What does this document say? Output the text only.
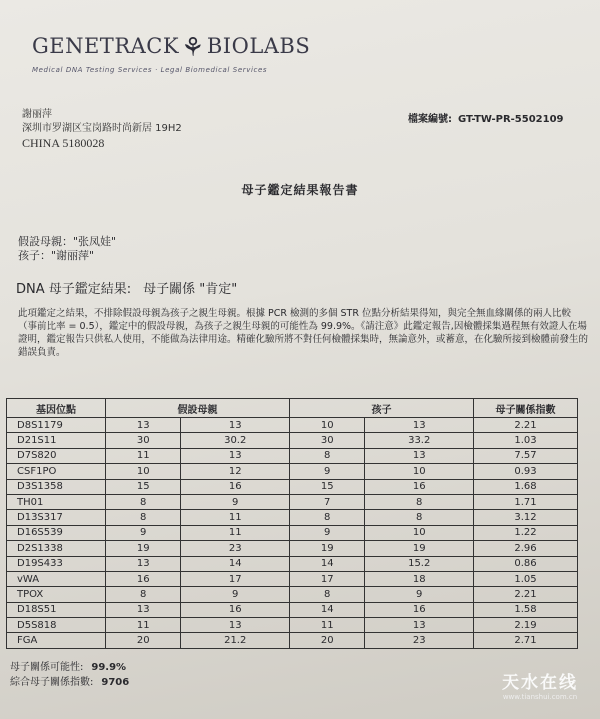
GENETRACK⚘BIOLABS
Medical DNA Testing Services · Legal Biomedical Services
謝丽萍
深圳市罗湖区宝岗路时尚新居 19H2
CHINA 5180028
檔案編號: GT-TW-PR-5502109
母子鑑定結果報告書
假設母親："张凤娃"
孩子："谢丽萍"
DNA 母子鑑定結果: 母子關係 "肯定"
此項鑑定之結果，不排除假設母親為孩子之親生母親。根據 PCR 檢測的多個 STR 位點分析結果得知，與完全無血緣關係的兩人比較（事前比率 = 0.5），鑑定中的假設母親，為孩子之親生母親的可能性為 99.9%。《請注意》此鑑定報告,因檢體採集過程無有效證人在場證明，鑑定報告只供私人使用，不能做為法律用途。精確化驗所將不對任何檢體採集時，無論意外，或蓄意，在化驗所接到檢體前發生的錯誤負責。
基因位點	假設母親		孩子		母子關係指數
D8S1179	13	13	10	13	2.21
D21S11	30	30.2	30	33.2	1.03
D7S820	11	13	8	13	7.57
CSF1PO	10	12	9	10	0.93
D3S1358	15	16	15	16	1.68
TH01	8	9	7	8	1.71
D13S317	8	11	8	8	3.12
D16S539	9	11	9	10	1.22
D2S1338	19	23	19	19	2.96
D19S433	13	14	14	15.2	0.86
vWA	16	17	17	18	1.05
TPOX	8	9	8	9	2.21
D18S51	13	16	14	16	1.58
D5S818	11	13	11	13	2.19
FGA	20	21.2	20	23	2.71
母子關係可能性: 99.9%
綜合母子關係指數: 9706	天水在线
www.tianshui.com.cn
